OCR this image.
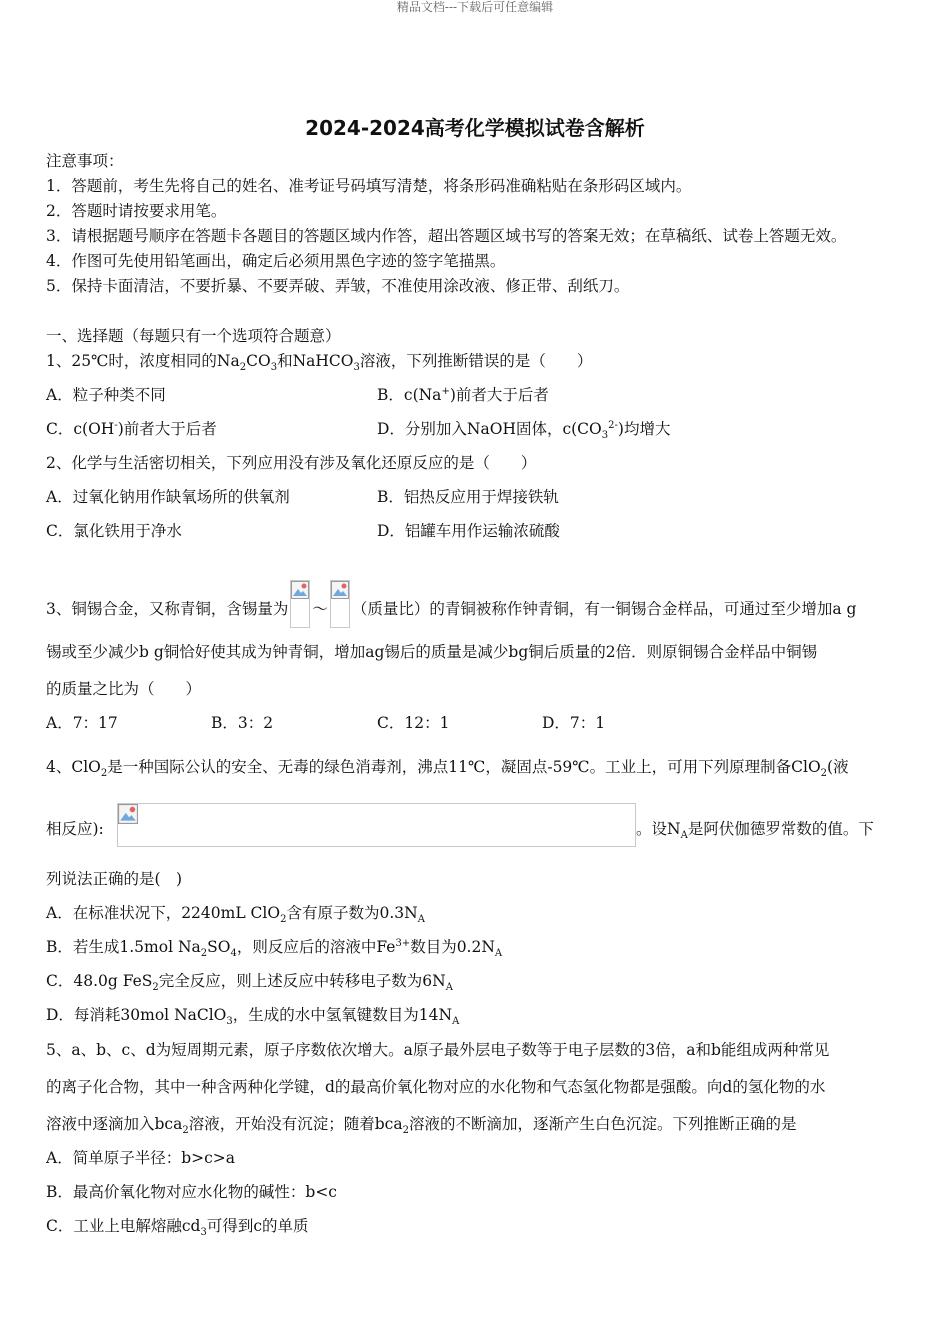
精品文档---下载后可任意编辑
2024-2024高考化学模拟试卷含解析
注意事项：
1．答题前，考生先将自己的姓名、准考证号码填写清楚，将条形码准确粘贴在条形码区域内。
2．答题时请按要求用笔。
3．请根据题号顺序在答题卡各题目的答题区域内作答，超出答题区域书写的答案无效；在草稿纸、试卷上答题无效。
4．作图可先使用铅笔画出，确定后必须用黑色字迹的签字笔描黑。
5．保持卡面清洁，不要折暴、不要弄破、弄皱，不准使用涂改液、修正带、刮纸刀。
一、选择题（每题只有一个选项符合题意）
1、25℃时，浓度相同的$Na_2CO_3$和NaHCO$_3$溶液，下列推断错误的是（　　）
A．粒子种类不同	B．c(Na+)前者大于后者
C．c(OH-)前者大于后者	D．分别加入NaOH固体，$c(CO_3^{2-})$均增大
2、化学与生活密切相关，下列应用没有涉及氧化还原反应的是（　　）
A．过氧化钠用作缺氧场所的供氧剂	B．铝热反应用于焊接铁轨
C．氯化铁用于净水	D．铝罐车用作运输浓硫酸
3、铜锡合金，又称青铜，含锡量为 ～ （质量比）的青铜被称作钟青铜，有一铜锡合金样品，可通过至少增加a g
锡或至少减少b g铜恰好使其成为钟青铜，增加ag锡后的质量是减少bg铜后质量的2倍．则原铜锡合金样品中铜锡
的质量之比为（　　）
A．7：17	B．3：2	C．12：1	D．7：1
4、ClO$_2$是一种国际公认的安全、无毒的绿色消毒剂，沸点11℃，凝固点-59℃。工业上，可用下列原理制备ClO$_2$(液
相反应):	。设$N_A$是阿伏伽德罗常数的值。下
列说法正确的是(　)
A．在标准状况下，2240mL ClO$_2$含有原子数为$0.3N_A$
B．若生成1.5mol $Na_2SO_4$，则反应后的溶液中$Fe^{3+}$数目为$0.2N_A$
C．48.0g FeS$_2$完全反应，则上述反应中转移电子数为$6N_A$
D．每消耗30mol NaClO$_3$，生成的水中氢氧键数目为$14N_A$
5、a、b、c、d为短周期元素，原子序数依次增大。a原子最外层电子数等于电子层数的3倍，a和b能组成两种常见
的离子化合物，其中一种含两种化学键，d的最高价氧化物对应的水化物和气态氢化物都是强酸。向d的氢化物的水
溶液中逐滴加入bca$_2$溶液，开始没有沉淀；随着bca$_2$溶液的不断滴加，逐渐产生白色沉淀。下列推断正确的是
A．简单原子半径：b>c>a
B．最高价氧化物对应水化物的碱性：b<c
C．工业上电解熔融$cd_3$可得到c的单质
